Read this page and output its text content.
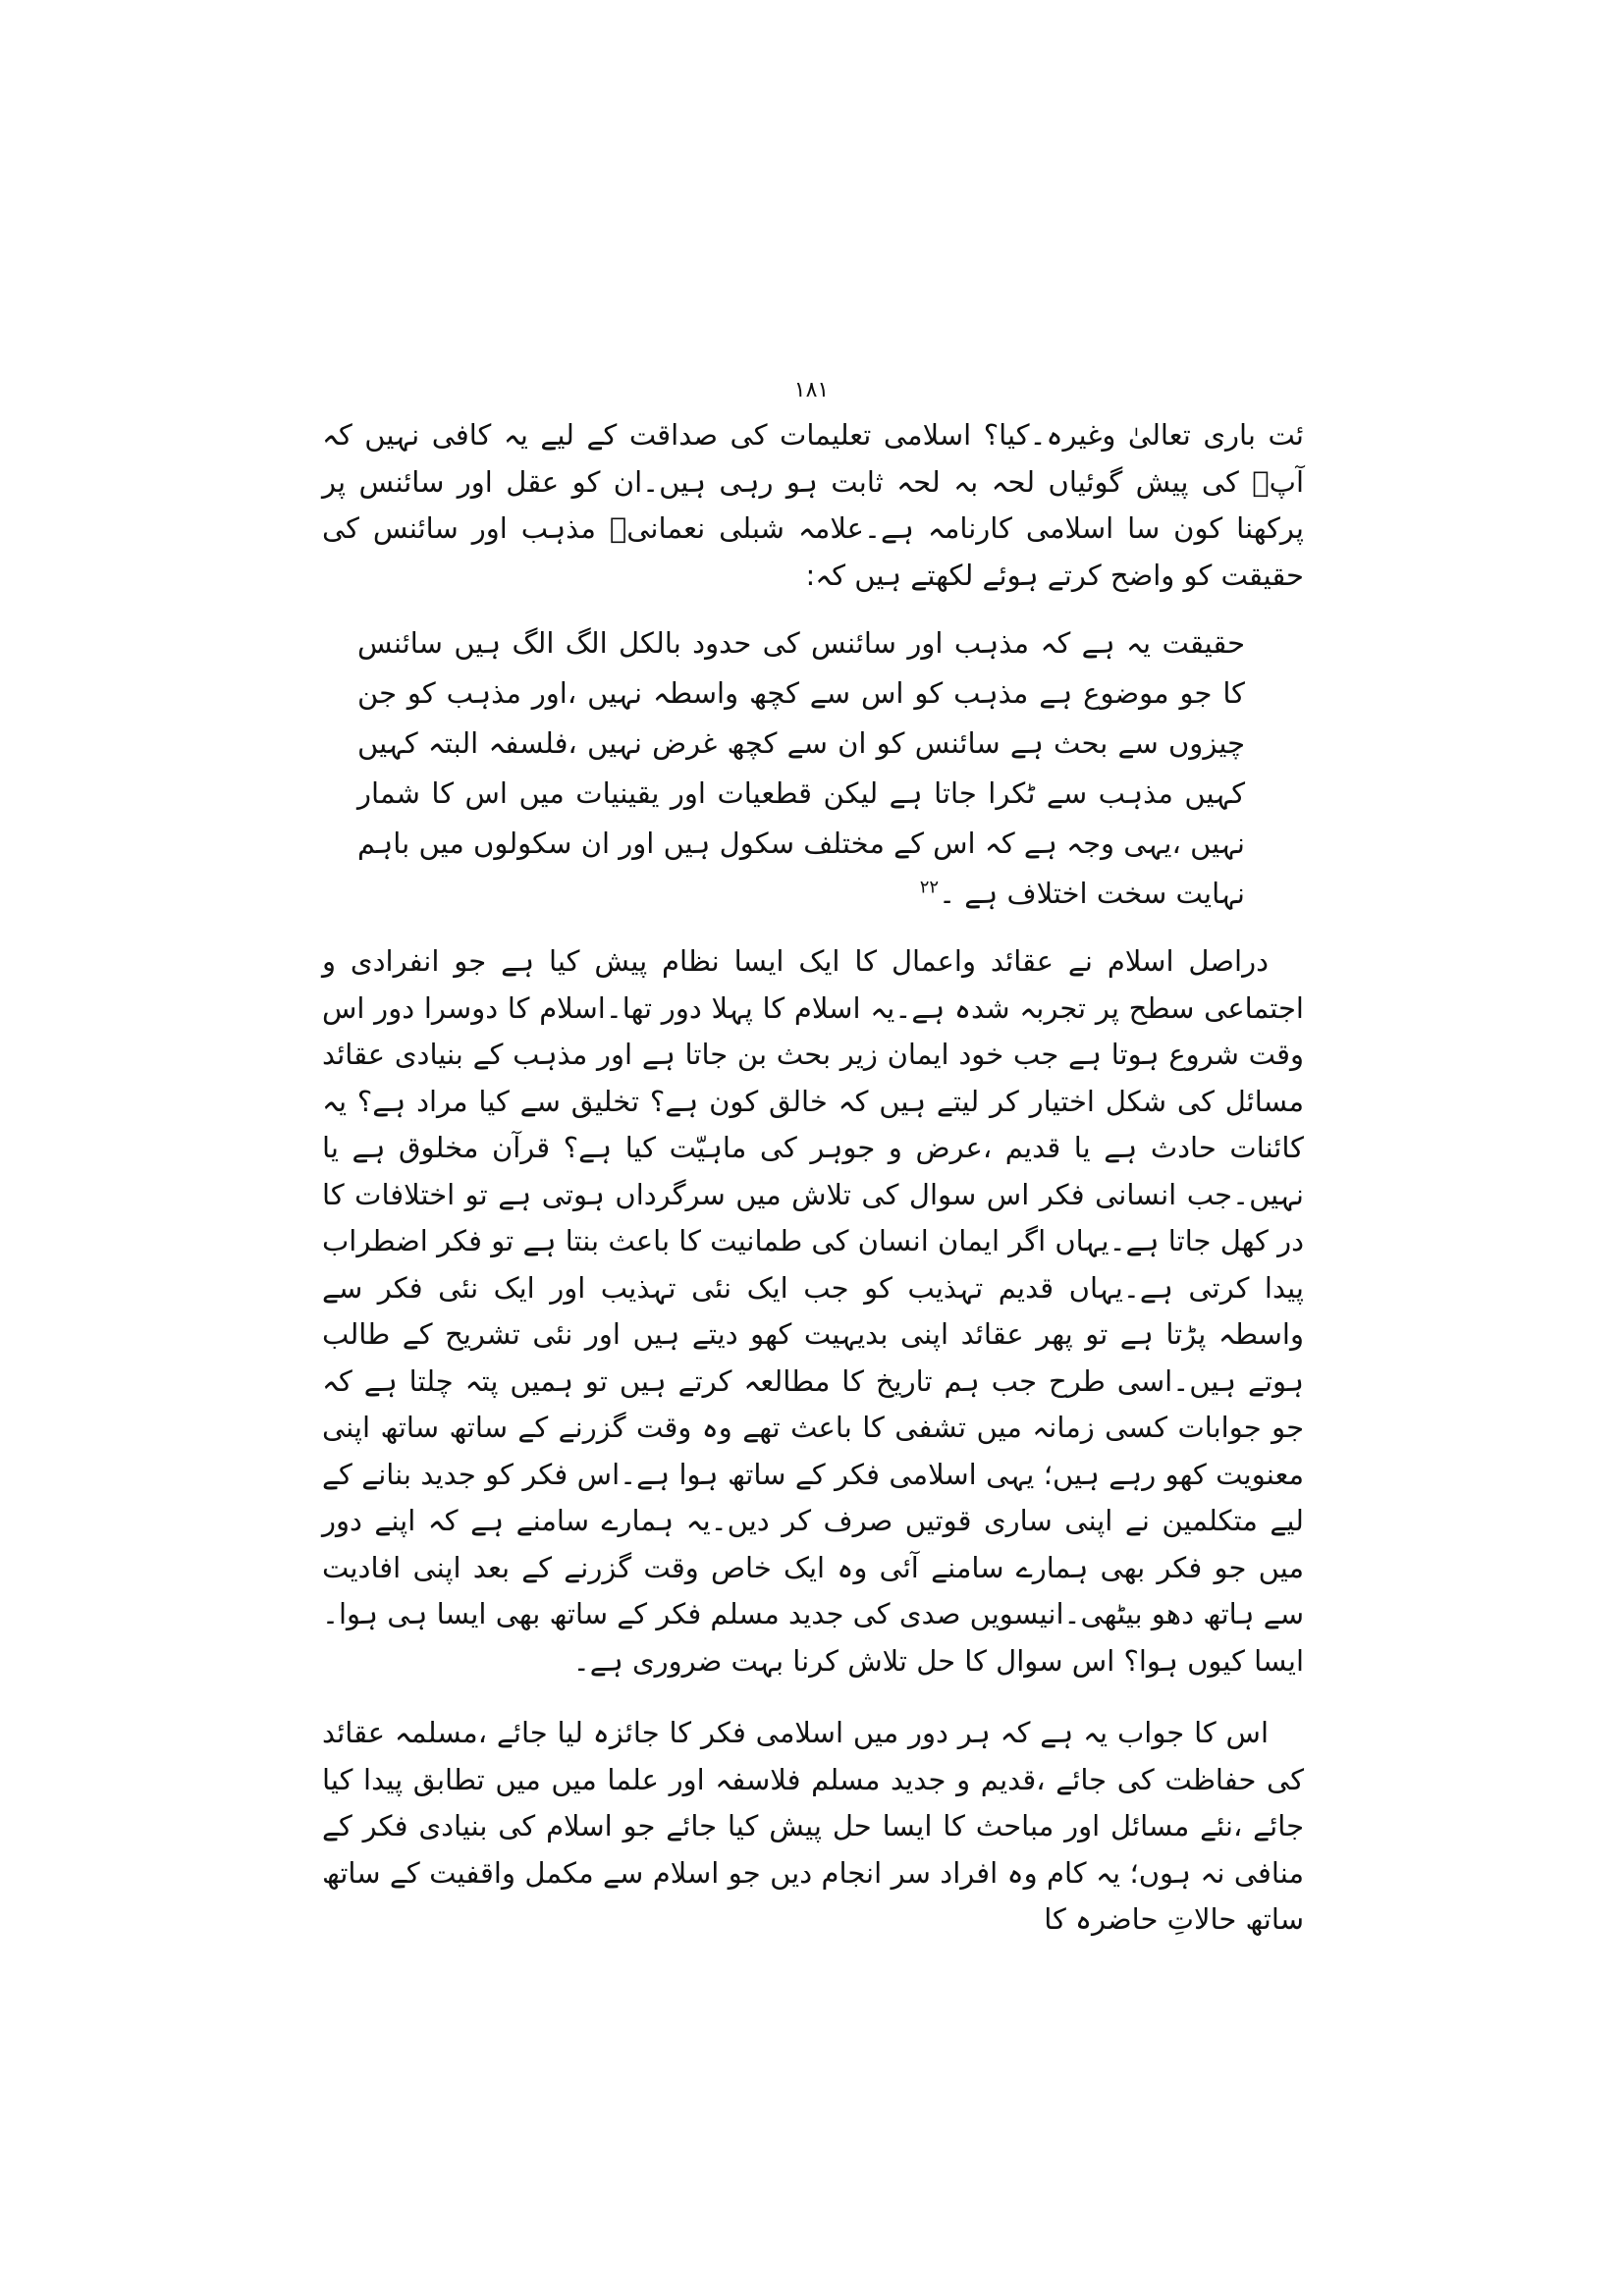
۱۸۱

ئت باری تعالیٰ وغیرہ۔کیا؟ اسلامی تعلیمات کی صداقت کے لیے یہ کافی نہیں کہ آپؐ کی پیش گوئیاں لحہ بہ لحہ ثابت ہو رہی ہیں۔ان کو عقل اور سائنس پر پرکھنا کون سا اسلامی کارنامہ ہے۔علامہ شبلی نعمانیؒ مذہب اور سائنس کی حقیقت کو واضح کرتے ہوئے لکھتے ہیں کہ:

حقیقت یہ ہے کہ مذہب اور سائنس کی حدود بالکل الگ الگ ہیں سائنس کا جو موضوع ہے مذہب کو اس سے کچھ واسطہ نہیں ،اور مذہب کو جن چیزوں سے بحث ہے سائنس کو ان سے کچھ غرض نہیں ،فلسفہ البتہ کہیں کہیں مذہب سے ٹکرا جاتا ہے لیکن قطعیات اور یقینیات میں اس کا شمار نہیں ،یہی وجہ ہے کہ اس کے مختلف سکول ہیں اور ان سکولوں میں باہم نہایت سخت اختلاف ہے ۔$^{۲۲}$

دراصل اسلام نے عقائد واعمال کا ایک ایسا نظام پیش کیا ہے جو انفرادی و اجتماعی سطح پر تجربہ شدہ ہے۔یہ اسلام کا پہلا دور تھا۔اسلام کا دوسرا دور اس وقت شروع ہوتا ہے جب خود ایمان زیر بحث بن جاتا ہے اور مذہب کے بنیادی عقائد مسائل کی شکل اختیار کر لیتے ہیں کہ خالق کون ہے؟ تخلیق سے کیا مراد ہے؟ یہ کائنات حادث ہے یا قدیم ،عرض و جوہر کی ماہیّت کیا ہے؟ قرآن مخلوق ہے یا نہیں۔جب انسانی فکر اس سوال کی تلاش میں سرگرداں ہوتی ہے تو اختلافات کا در کھل جاتا ہے۔یہاں اگر ایمان انسان کی طمانیت کا باعث بنتا ہے تو فکر اضطراب پیدا کرتی ہے۔یہاں قدیم تہذیب کو جب ایک نئی تہذیب اور ایک نئی فکر سے واسطہ پڑتا ہے تو پھر عقائد اپنی بدیہیت کھو دیتے ہیں اور نئی تشریح کے طالب ہوتے ہیں۔اسی طرح جب ہم تاریخ کا مطالعہ کرتے ہیں تو ہمیں پتہ چلتا ہے کہ جو جوابات کسی زمانہ میں تشفی کا باعث تھے وہ وقت گزرنے کے ساتھ ساتھ اپنی معنویت کھو رہے ہیں؛ یہی اسلامی فکر کے ساتھ ہوا ہے۔اس فکر کو جدید بنانے کے لیے متکلمین نے اپنی ساری قوتیں صرف کر دیں۔یہ ہمارے سامنے ہے کہ اپنے دور میں جو فکر بھی ہمارے سامنے آئی وہ ایک خاص وقت گزرنے کے بعد اپنی افادیت سے ہاتھ دھو بیٹھی۔انیسویں صدی کی جدید مسلم فکر کے ساتھ بھی ایسا ہی ہوا۔ایسا کیوں ہوا؟ اس سوال کا حل تلاش کرنا بہت ضروری ہے۔

اس کا جواب یہ ہے کہ ہر دور میں اسلامی فکر کا جائزہ لیا جائے ،مسلمہ عقائد کی حفاظت کی جائے ،قدیم و جدید مسلم فلاسفہ اور علما میں میں تطابق پیدا کیا جائے ،نئے مسائل اور مباحث کا ایسا حل پیش کیا جائے جو اسلام کی بنیادی فکر کے منافی نہ ہوں؛ یہ کام وہ افراد سر انجام دیں جو اسلام سے مکمل واقفیت کے ساتھ ساتھ حالاتِ حاضرہ کا
